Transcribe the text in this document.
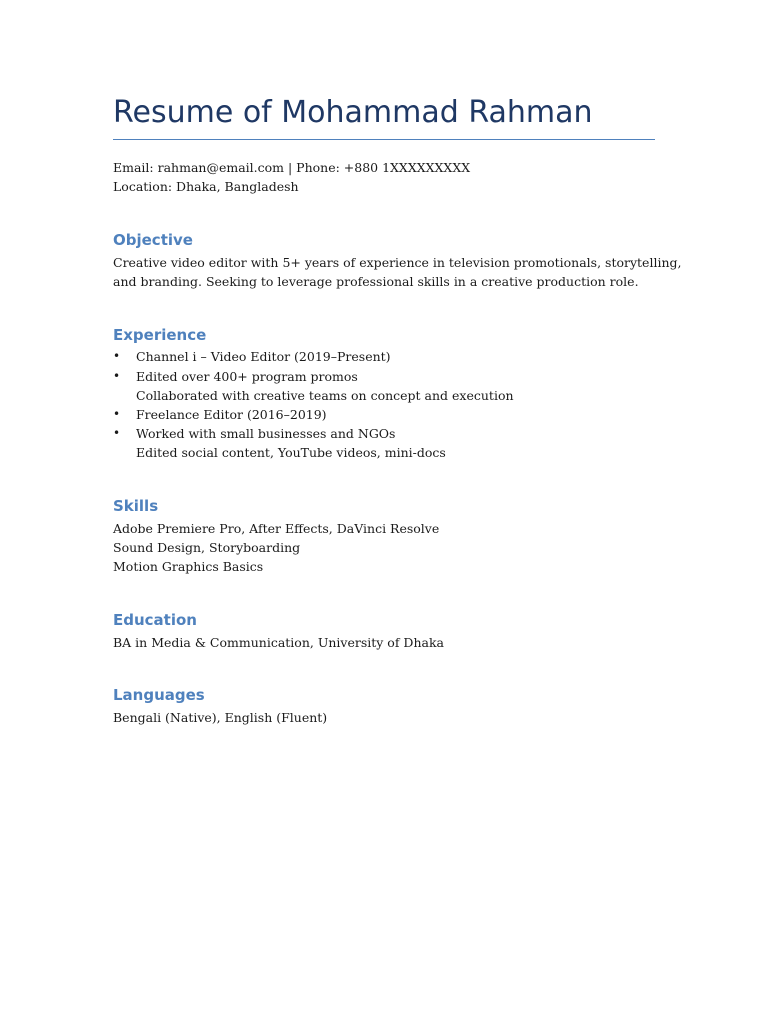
Resume of Mohammad Rahman

Email: rahman@email.com | Phone: +880 1XXXXXXXXX

Location: Dhaka, Bangladesh

Objective

Creative video editor with 5+ years of experience in television promotionals, storytelling,

and branding. Seeking to leverage professional skills in a creative production role.

Experience
• Channel i – Video Editor (2019–Present)

• Edited over 400+ program promos

Collaborated with creative teams on concept and execution

• Freelance Editor (2016–2019)

• Worked with small businesses and NGOs

Edited social content, YouTube videos, mini-docs

Skills

Adobe Premiere Pro, After Effects, DaVinci Resolve

Sound Design, Storyboarding

Motion Graphics Basics

Education

BA in Media & Communication, University of Dhaka

Languages

Bengali (Native), English (Fluent)
